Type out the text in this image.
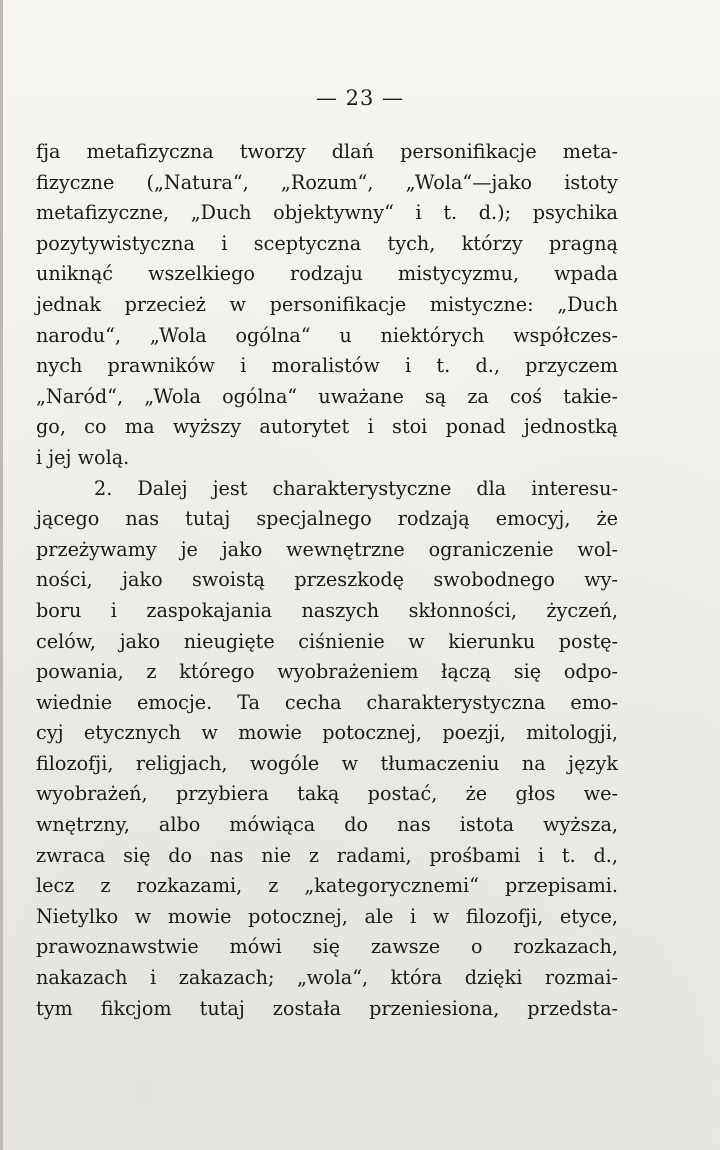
— 23 —
fja metafizyczna tworzy dlań personifikacje meta-
fizyczne („Natura“, „Rozum“, „Wola“—jako istoty
metafizyczne, „Duch objektywny“ i t. d.); psychika
pozytywistyczna i sceptyczna tych, którzy pragną
uniknąć wszelkiego rodzaju mistycyzmu, wpada
jednak przecież w personifikacje mistyczne: „Duch
narodu“, „Wola ogólna“ u niektórych współczes-
nych prawników i moralistów i t. d., przyczem
„Naród“, „Wola ogólna“ uważane są za coś takie-
go, co ma wyższy autorytet i stoi ponad jednostką
i jej wolą.
2. Dalej jest charakterystyczne dla interesu-
jącego nas tutaj specjalnego rodzają emocyj, że
przeżywamy je jako wewnętrzne ograniczenie wol-
ności, jako swoistą przeszkodę swobodnego wy-
boru i zaspokajania naszych skłonności, życzeń,
celów, jako nieugięte ciśnienie w kierunku postę-
powania, z którego wyobrażeniem łączą się odpo-
wiednie emocje. Ta cecha charakterystyczna emo-
cyj etycznych w mowie potocznej, poezji, mitologji,
filozofji, religjach, wogóle w tłumaczeniu na język
wyobrażeń, przybiera taką postać, że głos we-
wnętrzny, albo mówiąca do nas istota wyższa,
zwraca się do nas nie z radami, prośbami i t. d.,
lecz z rozkazami, z „kategorycznemi“ przepisami.
Nietylko w mowie potocznej, ale i w filozofji, etyce,
prawoznawstwie mówi się zawsze o rozkazach,
nakazach i zakazach; „wola“, która dzięki rozmai-
tym fikcjom tutaj została przeniesiona, przedsta-
